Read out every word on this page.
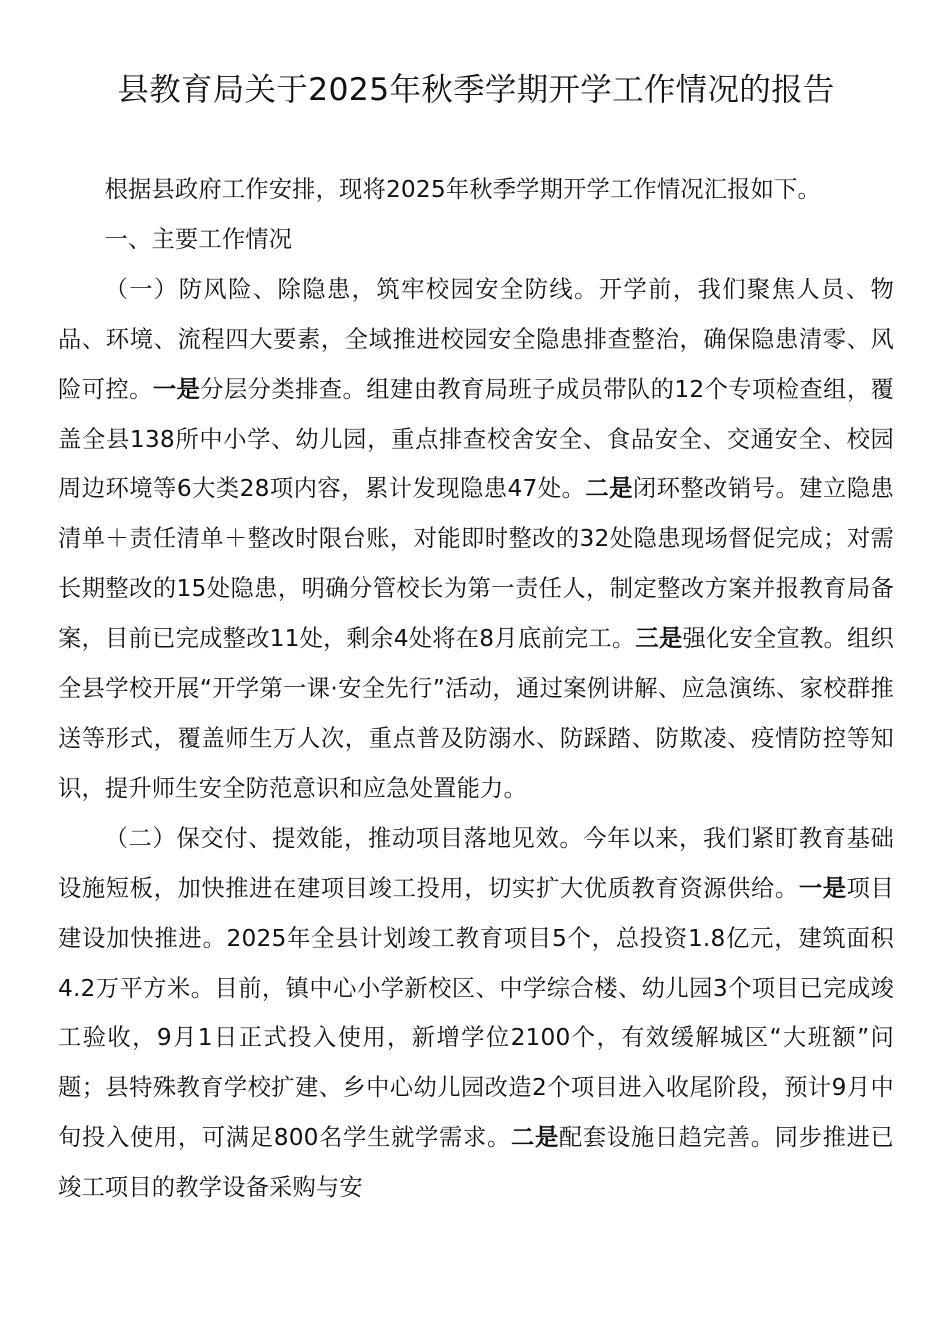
县教育局关于2025年秋季学期开学工作情况的报告

根据县政府工作安排，现将2025年秋季学期开学工作情况汇报如下。

一、主要工作情况

（一）防风险、除隐患，筑牢校园安全防线。开学前，我们聚焦人员、物品、环境、流程四大要素，全域推进校园安全隐患排查整治，确保隐患清零、风险可控。一是分层分类排查。组建由教育局班子成员带队的12个专项检查组，覆盖全县138所中小学、幼儿园，重点排查校舍安全、食品安全、交通安全、校园周边环境等6大类28项内容，累计发现隐患47处。二是闭环整改销号。建立隐患清单＋责任清单＋整改时限台账，对能即时整改的32处隐患现场督促完成；对需长期整改的15处隐患，明确分管校长为第一责任人，制定整改方案并报教育局备案，目前已完成整改11处，剩余4处将在8月底前完工。三是强化安全宣教。组织全县学校开展“开学第一课·安全先行”活动，通过案例讲解、应急演练、家校群推送等形式，覆盖师生万人次，重点普及防溺水、防踩踏、防欺凌、疫情防控等知识，提升师生安全防范意识和应急处置能力。

（二）保交付、提效能，推动项目落地见效。今年以来，我们紧盯教育基础设施短板，加快推进在建项目竣工投用，切实扩大优质教育资源供给。一是项目建设加快推进。2025年全县计划竣工教育项目5个，总投资1.8亿元，建筑面积4.2万平方米。目前，镇中心小学新校区、中学综合楼、幼儿园3个项目已完成竣工验收，9月1日正式投入使用，新增学位2100个，有效缓解城区“大班额”问题；县特殊教育学校扩建、乡中心幼儿园改造2个项目进入收尾阶段，预计9月中旬投入使用，可满足800名学生就学需求。二是配套设施日趋完善。同步推进已竣工项目的教学设备采购与安
